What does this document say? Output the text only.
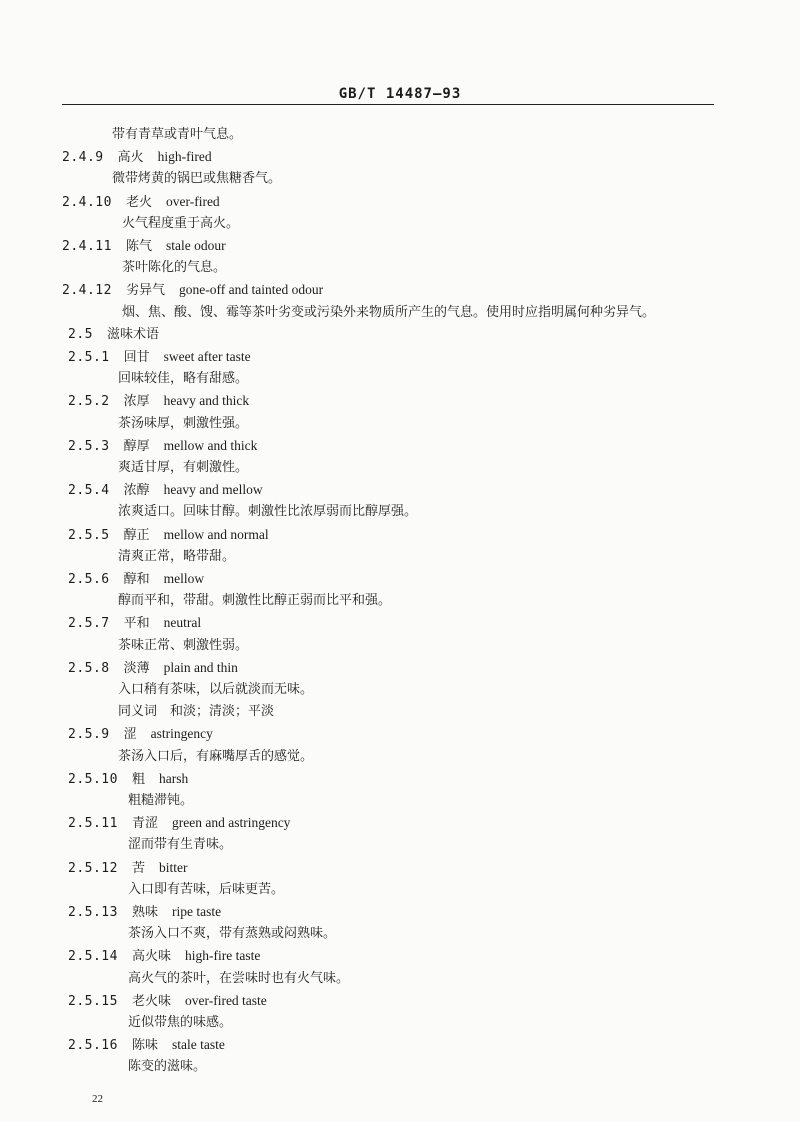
GB/T 14487—93
带有青草或青叶气息。
2.4.9 高火 high-fired
微带烤黄的锅巴或焦糖香气。
2.4.10 老火 over-fired
火气程度重于高火。
2.4.11 陈气 stale odour
茶叶陈化的气息。
2.4.12 劣异气 gone-off and tainted odour
烟、焦、酸、馊、霉等茶叶劣变或污染外来物质所产生的气息。使用时应指明属何种劣异气。
2.5 滋味术语
2.5.1 回甘 sweet after taste
回味较佳，略有甜感。
2.5.2 浓厚 heavy and thick
茶汤味厚，刺激性强。
2.5.3 醇厚 mellow and thick
爽适甘厚，有刺激性。
2.5.4 浓醇 heavy and mellow
浓爽适口。回味甘醇。刺激性比浓厚弱而比醇厚强。
2.5.5 醇正 mellow and normal
清爽正常，略带甜。
2.5.6 醇和 mellow
醇而平和，带甜。刺激性比醇正弱而比平和强。
2.5.7 平和 neutral
茶味正常、刺激性弱。
2.5.8 淡薄 plain and thin
入口稍有茶味，以后就淡而无味。
同义词　和淡；清淡；平淡
2.5.9 涩 astringency
茶汤入口后，有麻嘴厚舌的感觉。
2.5.10 粗 harsh
粗糙滞钝。
2.5.11 青涩 green and astringency
涩而带有生青味。
2.5.12 苦 bitter
入口即有苦味，后味更苦。
2.5.13 熟味 ripe taste
茶汤入口不爽，带有蒸熟或闷熟味。
2.5.14 高火味 high-fire taste
高火气的茶叶，在尝味时也有火气味。
2.5.15 老火味 over-fired taste
近似带焦的味感。
2.5.16 陈味 stale taste
陈变的滋味。
22
